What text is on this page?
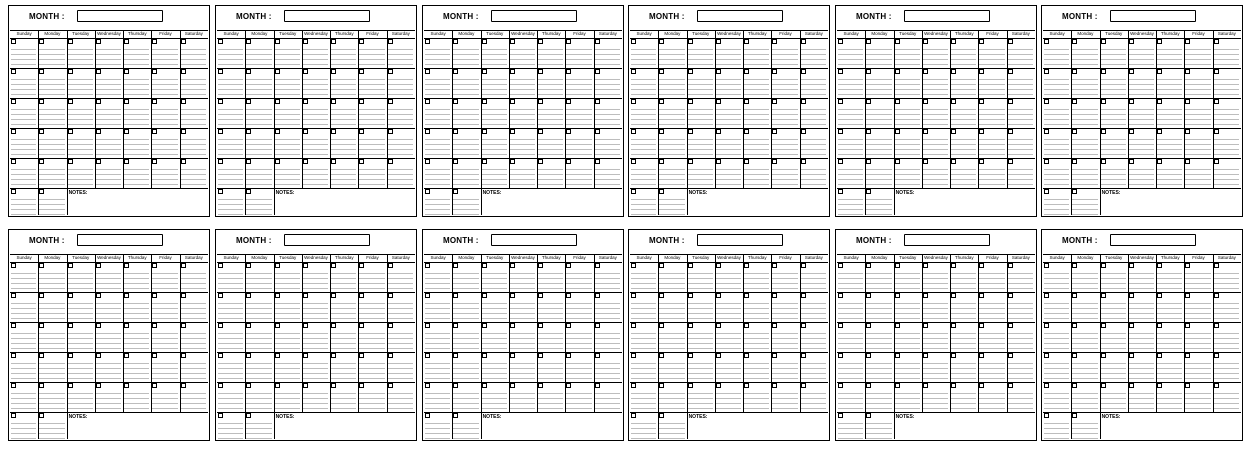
MONTH :
Sunday	Monday	Tuesday	Wednesday	Thursday	Friday	Saturday
NOTES:
MONTH :
Sunday	Monday	Tuesday	Wednesday	Thursday	Friday	Saturday
NOTES:
MONTH :
Sunday	Monday	Tuesday	Wednesday	Thursday	Friday	Saturday
NOTES:
MONTH :
Sunday	Monday	Tuesday	Wednesday	Thursday	Friday	Saturday
NOTES:
MONTH :
Sunday	Monday	Tuesday	Wednesday	Thursday	Friday	Saturday
NOTES:
MONTH :
Sunday	Monday	Tuesday	Wednesday	Thursday	Friday	Saturday
NOTES:
MONTH :
Sunday	Monday	Tuesday	Wednesday	Thursday	Friday	Saturday
NOTES:
MONTH :
Sunday	Monday	Tuesday	Wednesday	Thursday	Friday	Saturday
NOTES:
MONTH :
Sunday	Monday	Tuesday	Wednesday	Thursday	Friday	Saturday
NOTES:
MONTH :
Sunday	Monday	Tuesday	Wednesday	Thursday	Friday	Saturday
NOTES:
MONTH :
Sunday	Monday	Tuesday	Wednesday	Thursday	Friday	Saturday
NOTES:
MONTH :
Sunday	Monday	Tuesday	Wednesday	Thursday	Friday	Saturday
NOTES:
